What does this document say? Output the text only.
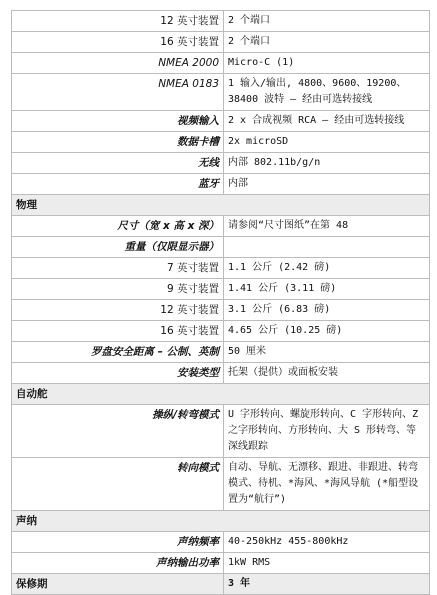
12 英寸装置	2 个端口
16 英寸装置	2 个端口
NMEA 2000	Micro-C (1)
NMEA 0183	1 输入/输出, 4800、9600、19200、38400 波特 – 经由可选转接线
视频输入	2 x 合成视频 RCA – 经由可选转接线
数据卡槽	2x microSD
无线	内部 802.11b/g/n
蓝牙	内部
物理	
尺寸（宽 x 高 x 深）	请参阅“尺寸图纸”在第 48
重量（仅限显示器）	
7 英寸装置	1.1 公斤 (2.42 磅)
9 英寸装置	1.41 公斤 (3.11 磅)
12 英寸装置	3.1 公斤 (6.83 磅)
16 英寸装置	4.65 公斤 (10.25 磅)
罗盘安全距离 – 公制、英制	50 厘米
安装类型	托架（提供）或面板安装
自动舵	
操纵/转弯模式	U 字形转向、螺旋形转向、C 字形转向、Z 之字形转向、方形转向、大 S 形转弯、等深线跟踪
转向模式	自动、导航、无漂移、跟进、非跟进、转弯模式、待机、*海风、*海风导航 (*船型设置为“航行”)
声纳	
声纳频率	40-250kHz 455-800kHz
声纳输出功率	1kW RMS
保修期	3 年
